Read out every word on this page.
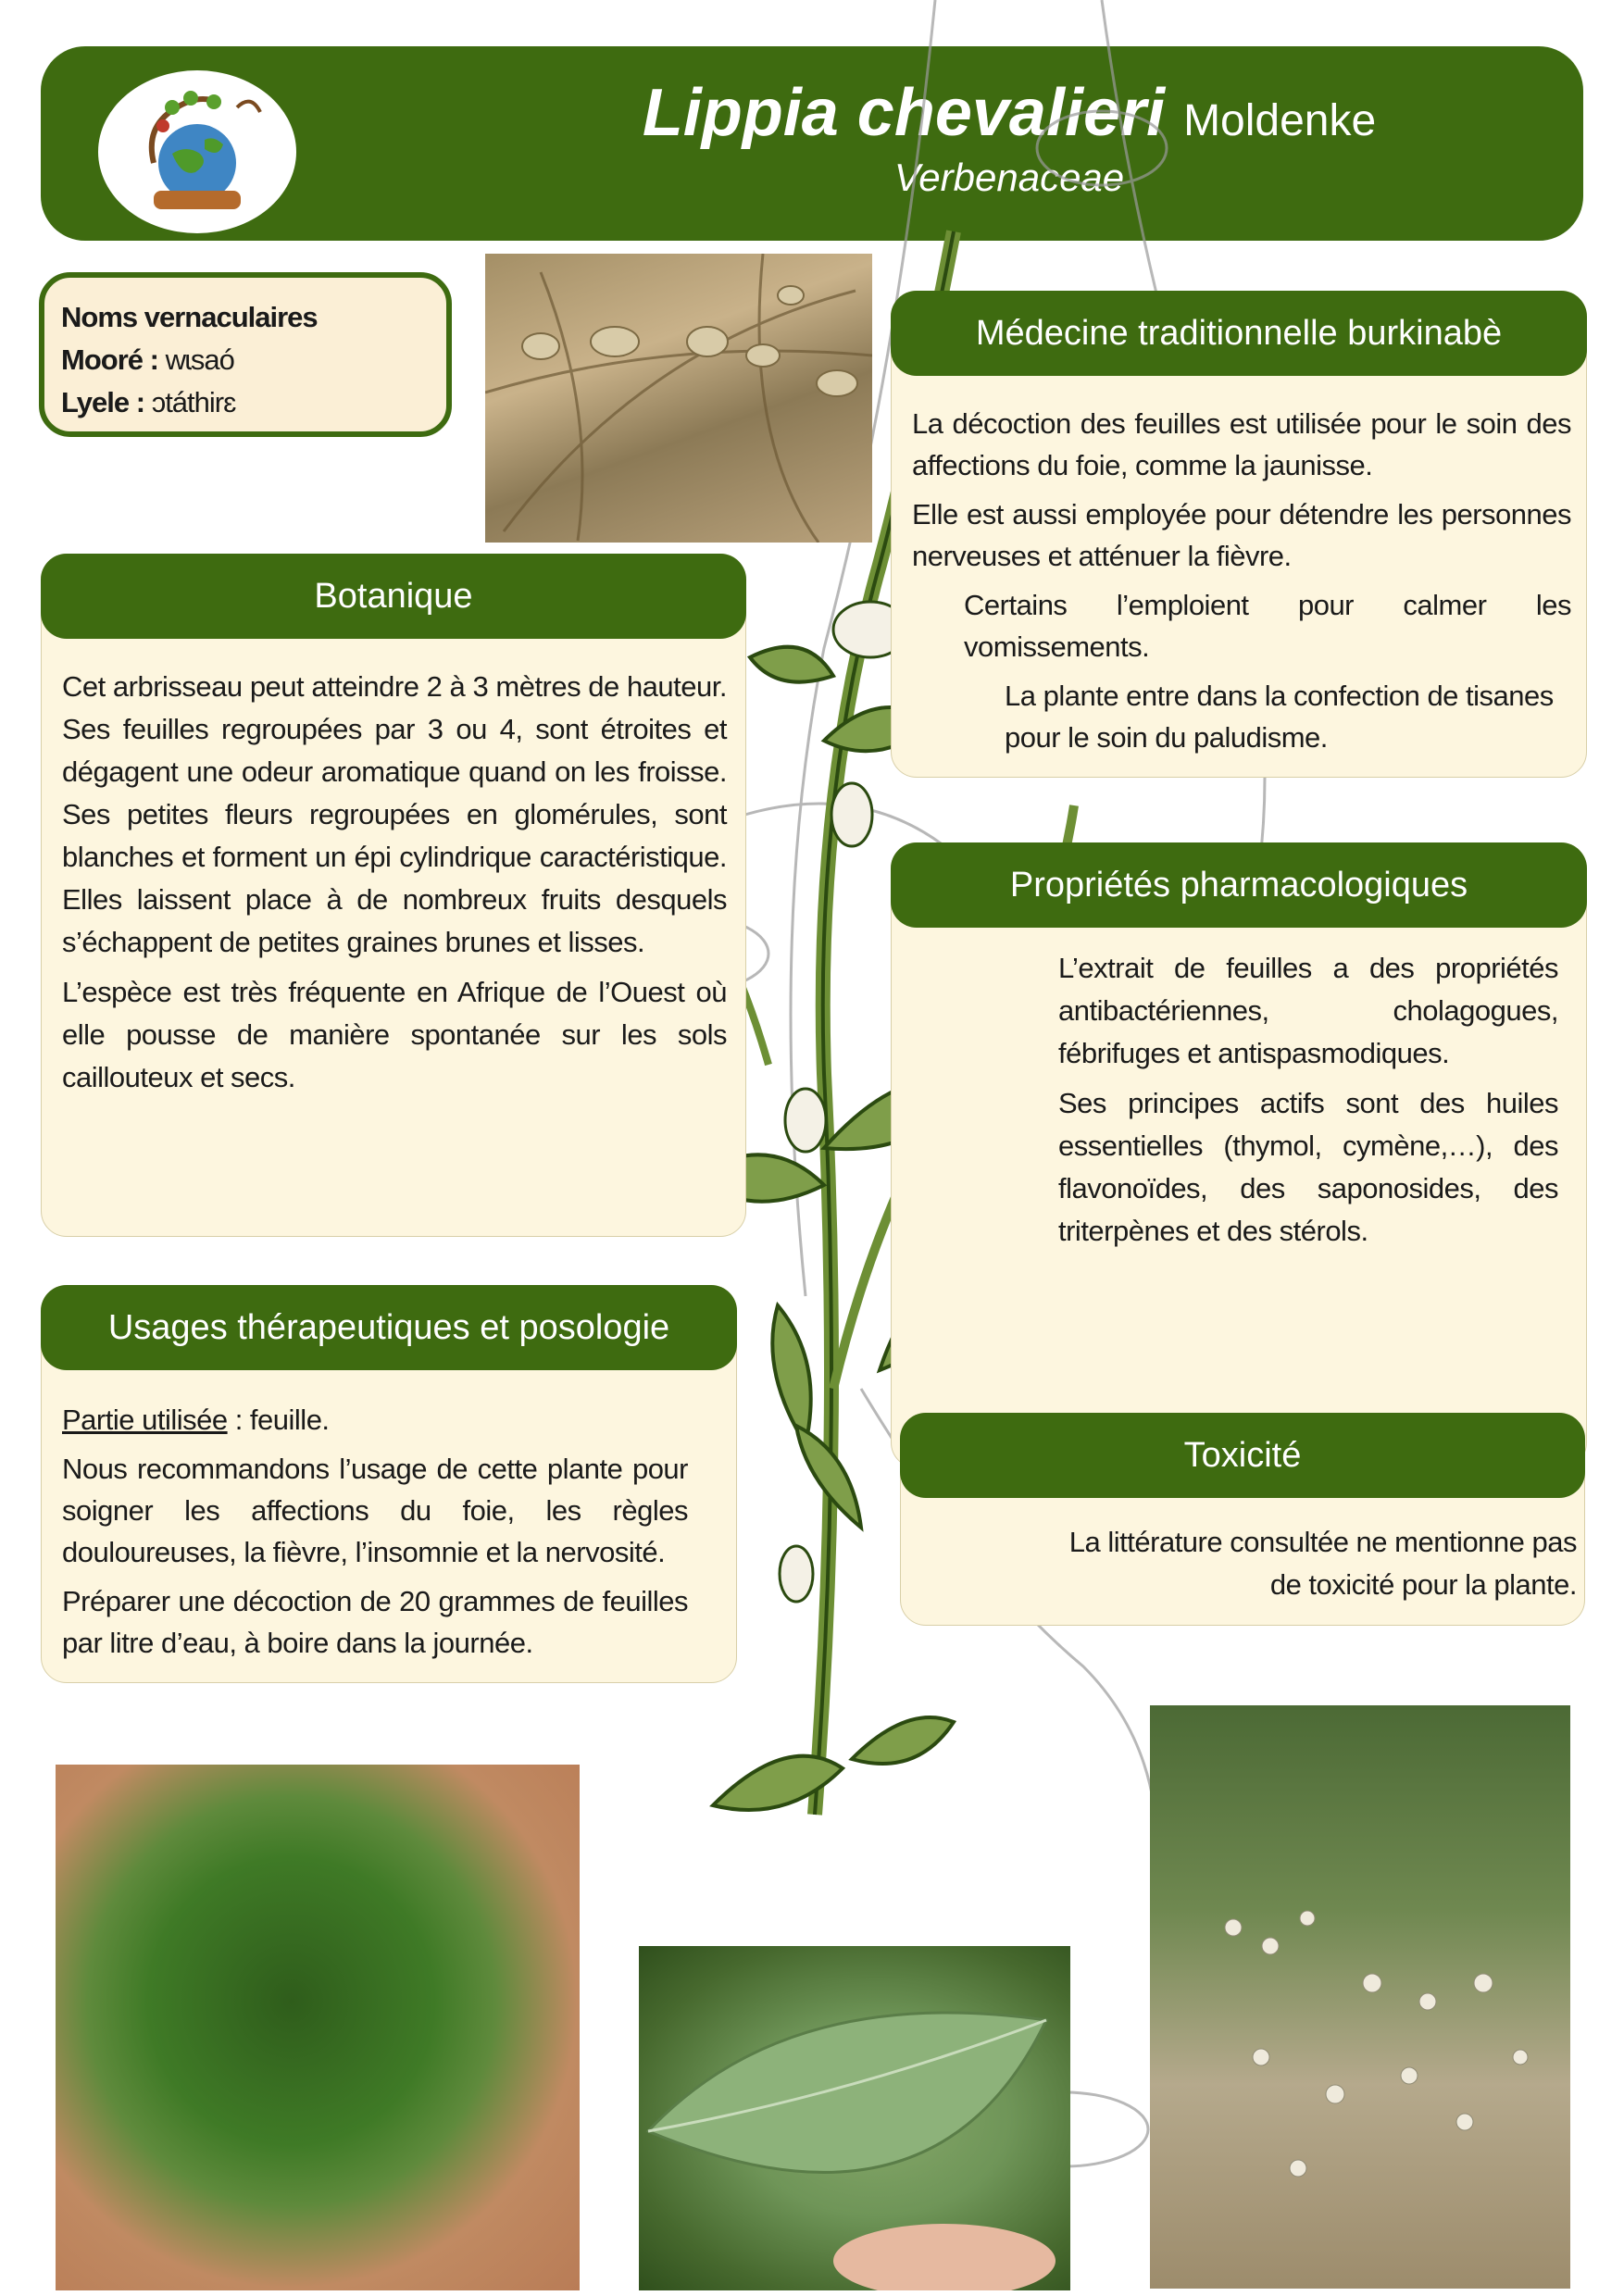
Lippia chevalieri Moldenke
Verbenaceae
Noms vernaculaires
Mooré : wɩsaó
Lyele : ɔtáthirɛ
Botanique

Cet arbrisseau peut atteindre 2 à 3 mètres de hauteur. Ses feuilles regroupées par 3 ou 4, sont étroites et dégagent une odeur aromatique quand on les froisse. Ses petites fleurs regroupées en glomérules, sont blanches et forment un épi cylindrique caractéristique. Elles laissent place à de nombreux fruits desquels s’échappent de petites graines brunes et lisses.

L’espèce est très fréquente en Afrique de l’Ouest où elle pousse de manière spontanée sur les sols caillouteux et secs.

Usages thérapeutiques et posologie

Partie utilisée : feuille.

Nous recommandons l’usage de cette plante pour soigner les affections du foie, les règles douloureuses, la fièvre, l’insomnie et la nervosité.

Préparer une décoction de 20 grammes de feuilles par litre d’eau, à boire dans la journée.

Médecine traditionnelle burkinabè

La décoction des feuilles est utilisée pour le soin des affections du foie, comme la jaunisse.

Elle est aussi employée pour détendre les personnes nerveuses et atténuer la fièvre.

Certains l’emploient pour calmer les vomissements.

La plante entre dans la confection de tisanes pour le soin du paludisme.

Propriétés pharmacologiques

L’extrait de feuilles a des propriétés antibactériennes, cholagogues, fébrifuges et antispasmodiques.

Ses principes actifs sont des huiles essentielles (thymol, cymène,…), des flavonoïdes, des saponosides, des triterpènes et des stérols.

Toxicité

La littérature consultée ne mentionne pas de toxicité pour la plante.
